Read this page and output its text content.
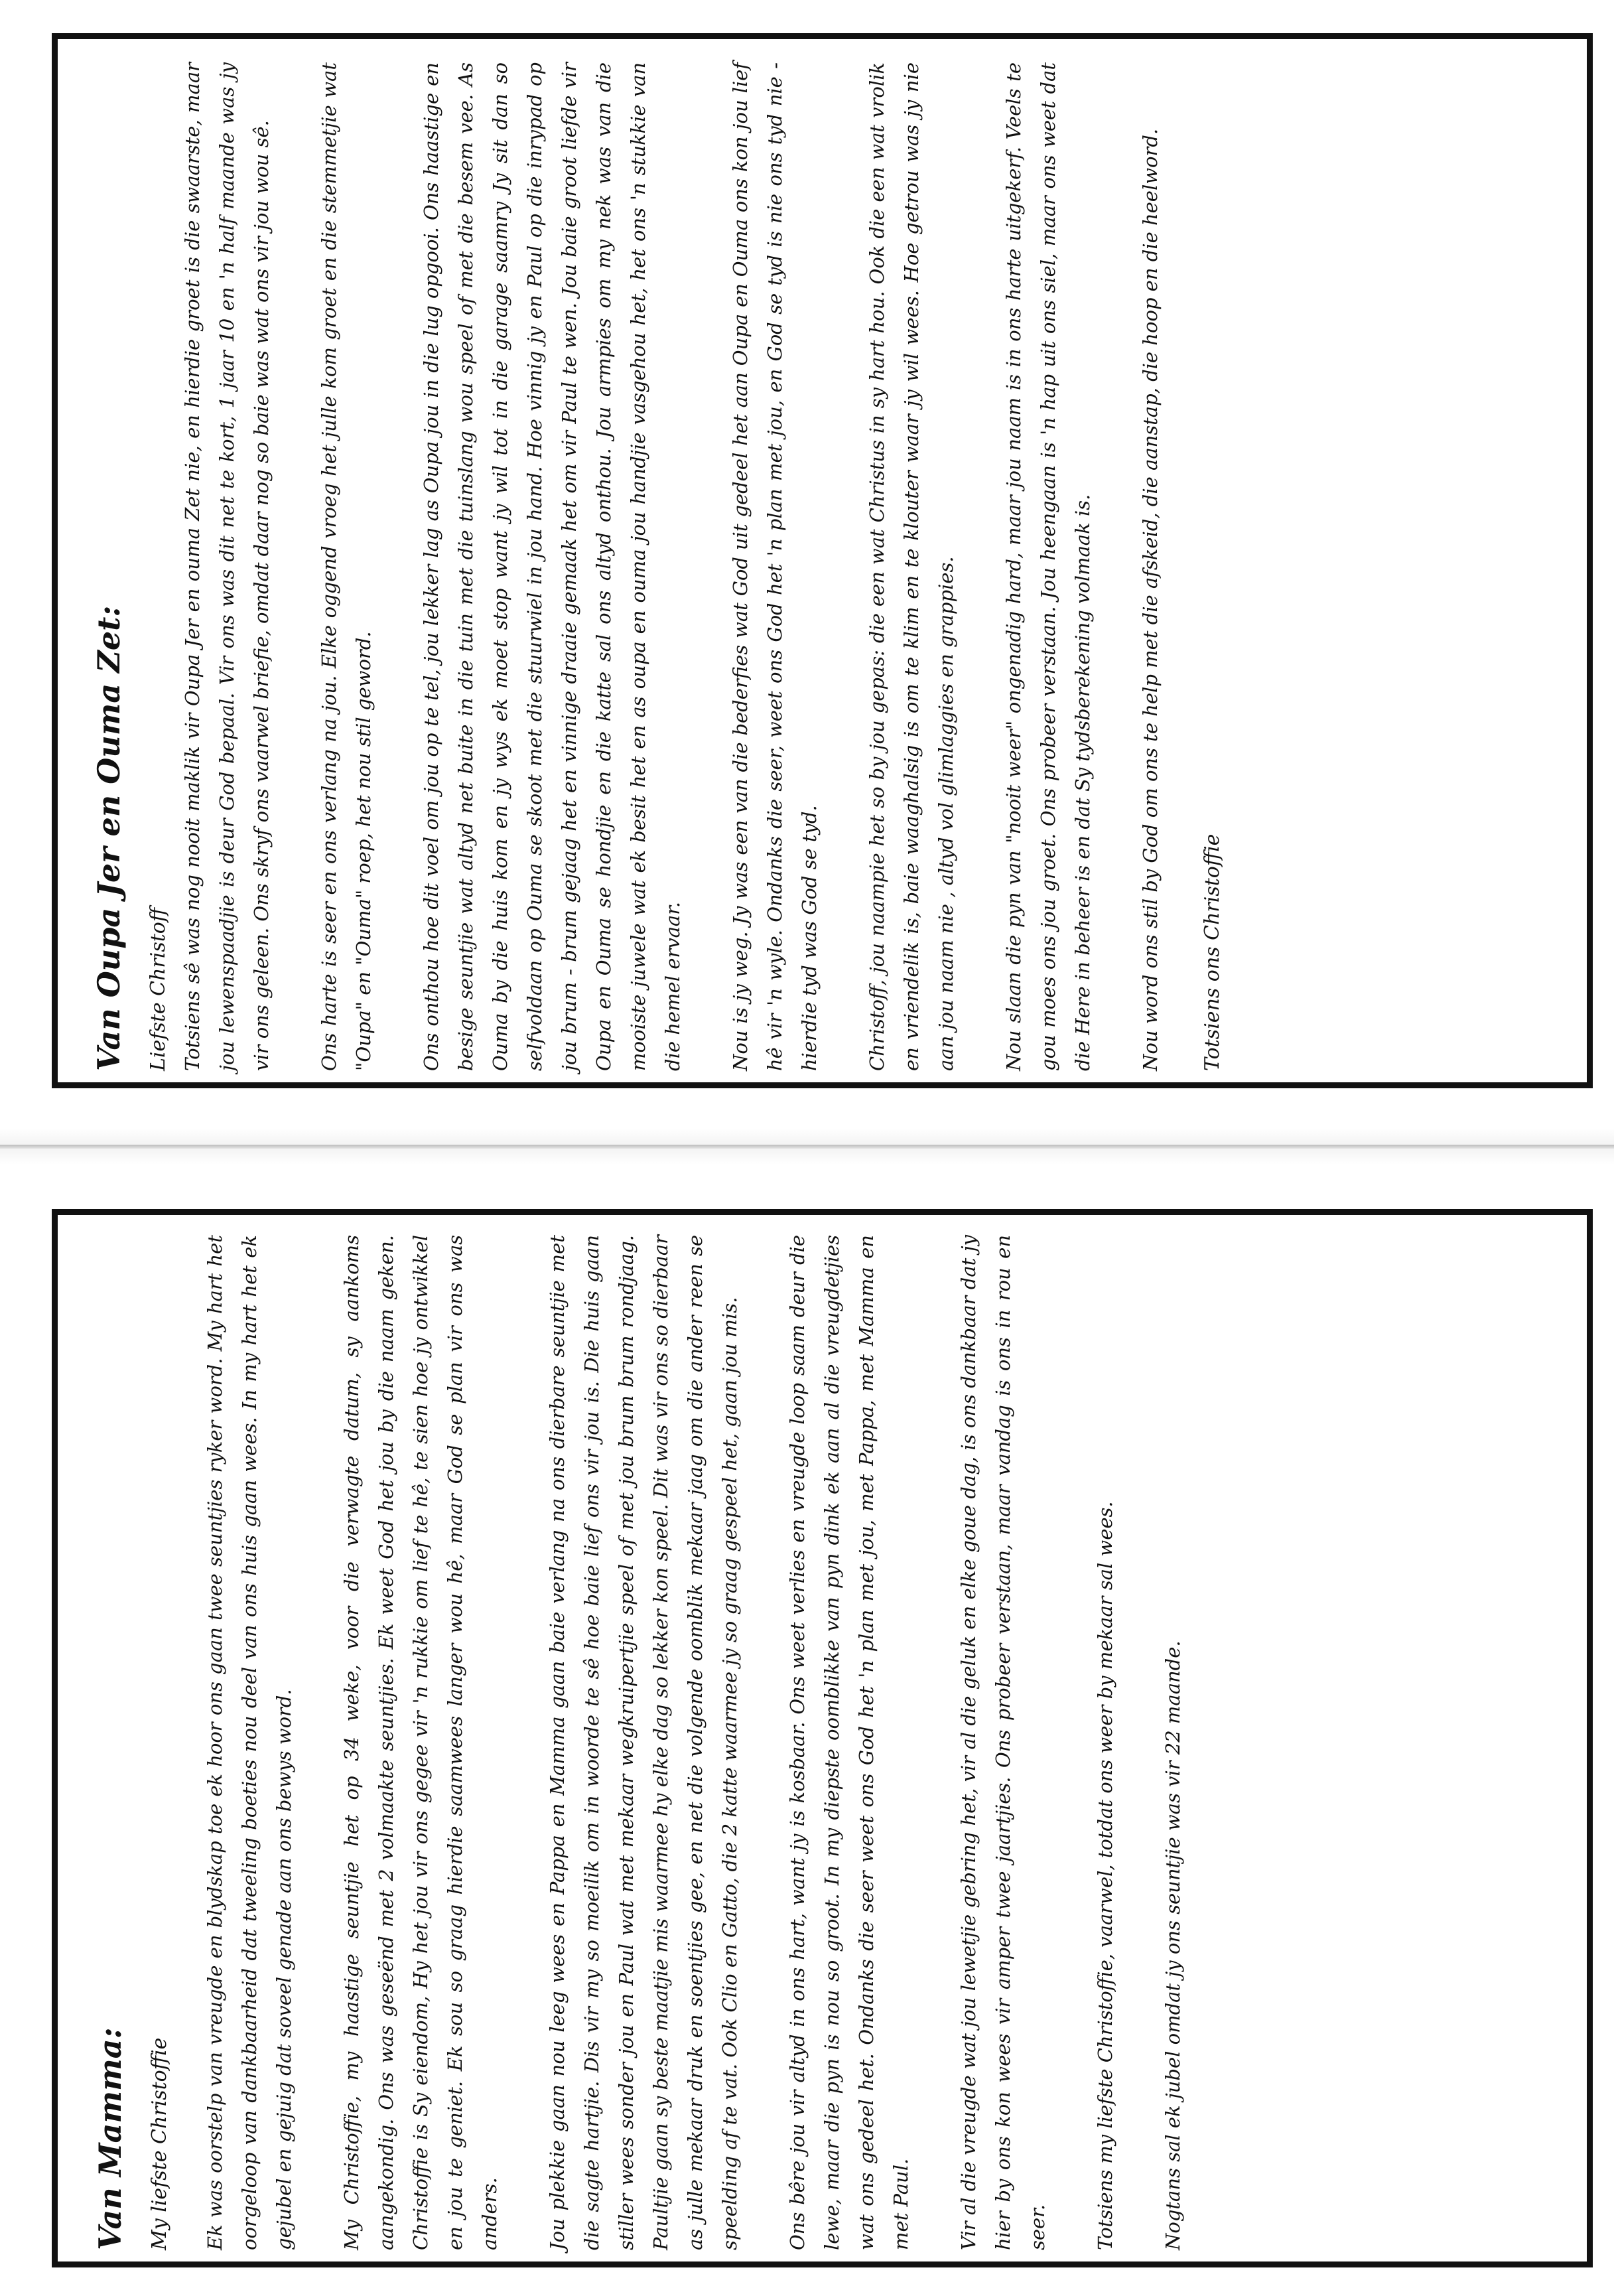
Van Oupa Jer en Ouma Zet: Liefste Christoff Totsiens sê was nog nooit maklik vir Oupa Jer en ouma Zet nie, en hierdie groet is die swaarste, maar jou lewenspaadjie is deur God bepaal. Vir ons was dit net te kort, 1 jaar 10 en 'n half maande was jy vir ons geleen. Ons skryf ons vaarwel briefie, omdat daar nog so baie was wat ons vir jou wou sê.	Ons harte is seer en ons verlang na jou. Elke oggend vroeg het julle kom groet en die stemmetjie wat "Oupa" en "Ouma" roep, het nou stil geword.	Ons onthou hoe dit voel om jou op te tel, jou lekker lag as Oupa jou in die lug opgooi. Ons haastige en besige seuntjie wat altyd net buite in die tuin met die tuinslang wou speel of met die besem vee. As Ouma by die huis kom en jy wys ek moet stop want jy wil tot in die garage saamry Jy sit dan so selfvoldaan op Ouma se skoot met die stuurwiel in jou hand. Hoe vinnig jy en Paul op die inrypad op jou brum - brum gejaag het en vinnige draaie gemaak het om vir Paul te wen. Jou baie groot liefde vir Oupa en Ouma se hondjie en die katte sal ons altyd onthou. Jou armpies om my nek was van die mooiste juwele wat ek besit het en as oupa en ouma jou handjie vasgehou het, het ons 'n stukkie van die hemel ervaar.	Nou is jy weg. Jy was een van die bederfies wat God uit gedeel het aan Oupa en Ouma ons kon jou lief hê vir 'n wyle. Ondanks die seer, weet ons God het 'n plan met jou, en God se tyd is nie ons tyd nie - hierdie tyd was God se tyd.	Christoff, jou naampie het so by jou gepas: die een wat Christus in sy hart hou. Ook die een wat vrolik en vriendelik is, baie waaghalsig is om te klim en te klouter waar jy wil wees. Hoe getrou was jy nie aan jou naam nie , altyd vol glimlaggies en grappies.	Nou slaan die pyn van "nooit weer" ongenadig hard, maar jou naam is in ons harte uitgekerf. Veels te gou moes ons jou groet. Ons probeer verstaan. Jou heengaan is 'n hap uit ons siel, maar ons weet dat die Here in beheer is en dat Sy tydsberekening volmaak is.	Nou word ons stil by God om ons te help met die afskeid, die aanstap, die hoop en die heelword.	Totsiens ons Christoffie

Van Mamma: My liefste Christoffie	Ek was oorstelp van vreugde en blydskap toe ek hoor ons gaan twee seuntjies ryker word. My hart het oorgeloop van dankbaarheid dat tweeling boeties nou deel van ons huis gaan wees. In my hart het ek gejubel en gejuig dat soveel genade aan ons bewys word.	My Christoffie, my haastige seuntjie het op 34 weke, voor die verwagte datum, sy aankoms aangekondig. Ons was geseënd met 2 volmaakte seuntjies. Ek weet God het jou by die naam geken. Christoffie is Sy eiendom, Hy het jou vir ons gegee vir 'n rukkie om lief te hê, te sien hoe jy ontwikkel en jou te geniet. Ek sou so graag hierdie saamwees langer wou hê, maar God se plan vir ons was anders.	Jou plekkie gaan nou leeg wees en Pappa en Mamma gaan baie verlang na ons dierbare seuntjie met die sagte hartjie. Dis vir my so moeilik om in woorde te sê hoe baie lief ons vir jou is. Die huis gaan stiller wees sonder jou en Paul wat met mekaar wegkruipertjie speel of met jou brum brum rondjaag. Paultjie gaan sy beste maatjie mis waarmee hy elke dag so lekker kon speel. Dit was vir ons so dierbaar as julle mekaar druk en soentjies gee, en net die volgende oomblik mekaar jaag om die ander reen se speelding af te vat. Ook Clio en Gatto, die 2 katte waarmee jy so graag gespeel het, gaan jou mis.	Ons bêre jou vir altyd in ons hart, want jy is kosbaar. Ons weet verlies en vreugde loop saam deur die lewe, maar die pyn is nou so groot. In my diepste oomblikke van pyn dink ek aan al die vreugdetjies wat ons gedeel het. Ondanks die seer weet ons God het 'n plan met jou, met Pappa, met Mamma en met Paul.	Vir al die vreugde wat jou lewetjie gebring het, vir al die geluk en elke goue dag, is ons dankbaar dat jy hier by ons kon wees vir amper twee jaartjies. Ons probeer verstaan, maar vandag is ons in rou en seer.	Totsiens my liefste Christoffie, vaarwel, totdat ons weer by mekaar sal wees.	Nogtans sal ek jubel omdat jy ons seuntjie was vir 22 maande.
